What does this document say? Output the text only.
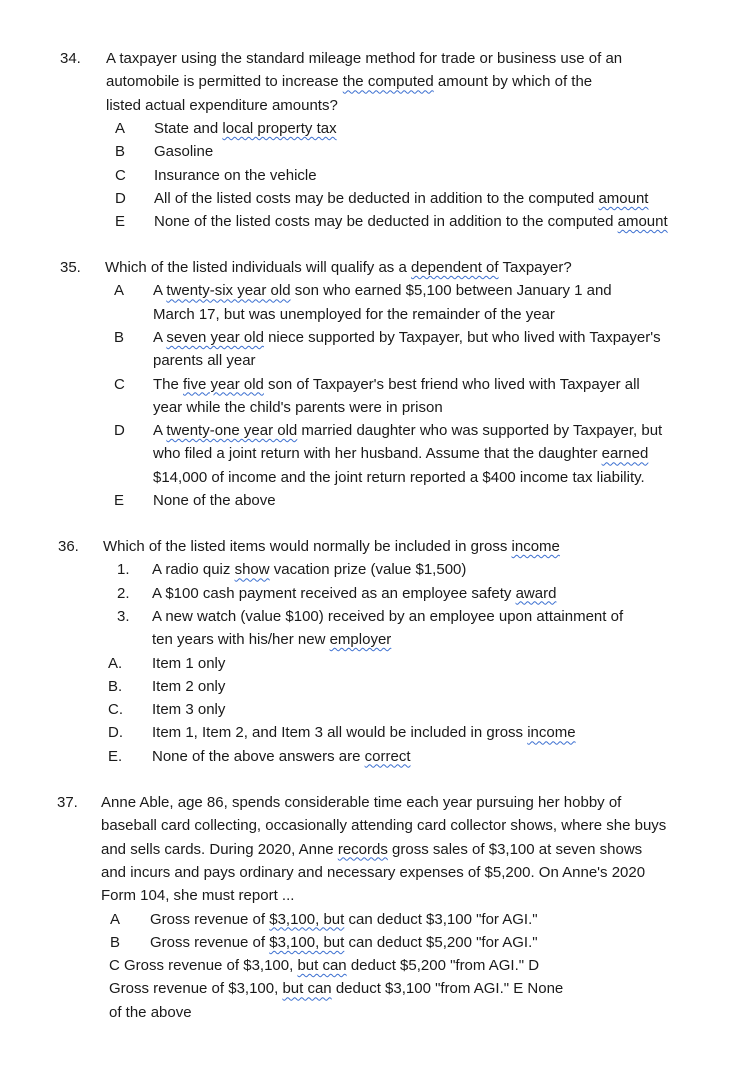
34. A taxpayer using the standard mileage method for trade or business use of an
automobile is permitted to increase the computed amount by which of the
listed actual expenditure amounts?
A State and local property tax
B Gasoline
C Insurance on the vehicle
D All of the listed costs may be deducted in addition to the computed amount
E None of the listed costs may be deducted in addition to the computed amount
35. Which of the listed individuals will qualify as a dependent of Taxpayer?
A A twenty-six year old son who earned $5,100 between January 1 and
March 17, but was unemployed for the remainder of the year
B A seven year old niece supported by Taxpayer, but who lived with Taxpayer's
parents all year
C The five year old son of Taxpayer's best friend who lived with Taxpayer all
year while the child's parents were in prison
D A twenty-one year old married daughter who was supported by Taxpayer, but
who filed a joint return with her husband. Assume that the daughter earned
$14,000 of income and the joint return reported a $400 income tax liability.
E None of the above
36. Which of the listed items would normally be included in gross income
1. A radio quiz show vacation prize (value $1,500)
2. A $100 cash payment received as an employee safety award
3. A new watch (value $100) received by an employee upon attainment of
ten years with his/her new employer
A. Item 1 only
B. Item 2 only
C. Item 3 only
D. Item 1, Item 2, and Item 3 all would be included in gross income
E. None of the above answers are correct
37. Anne Able, age 86, spends considerable time each year pursuing her hobby of
baseball card collecting, occasionally attending card collector shows, where she buys
and sells cards. During 2020, Anne records gross sales of $3,100 at seven shows
and incurs and pays ordinary and necessary expenses of $5,200. On Anne's 2020
Form 104, she must report ...
A Gross revenue of $3,100, but can deduct $3,100 "for AGI."
B Gross revenue of $3,100, but can deduct $5,200 "for AGI."
C Gross revenue of $3,100, but can deduct $5,200 "from AGI." D
Gross revenue of $3,100, but can deduct $3,100 "from AGI." E None
of the above
